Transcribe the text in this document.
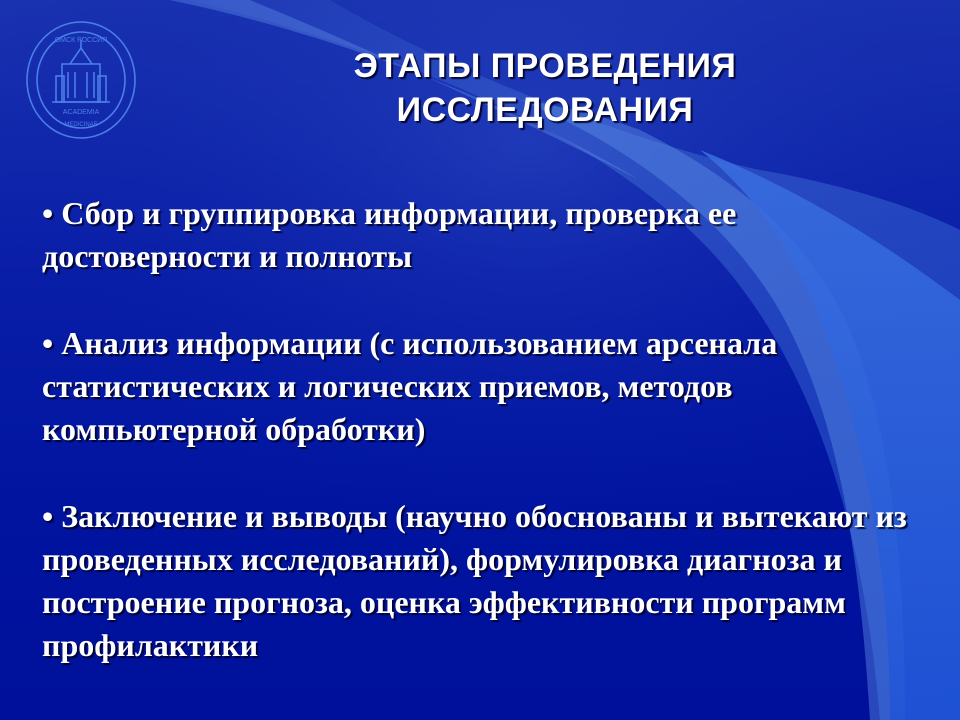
ОМСК РОССИЯ
ACADEMIA
MEDICINAE
ЭТАПЫ ПРОВЕДЕНИЯ
ИССЛЕДОВАНИЯ
• Сбор и группировка информации, проверка ее достоверности и полноты
• Анализ информации (с использованием арсенала статистических и логических приемов, методов компьютерной обработки)
• Заключение и выводы (научно обоснованы и вытекают из проведенных исследований), формулировка диагноза и построение прогноза, оценка эффективности программ профилактики
